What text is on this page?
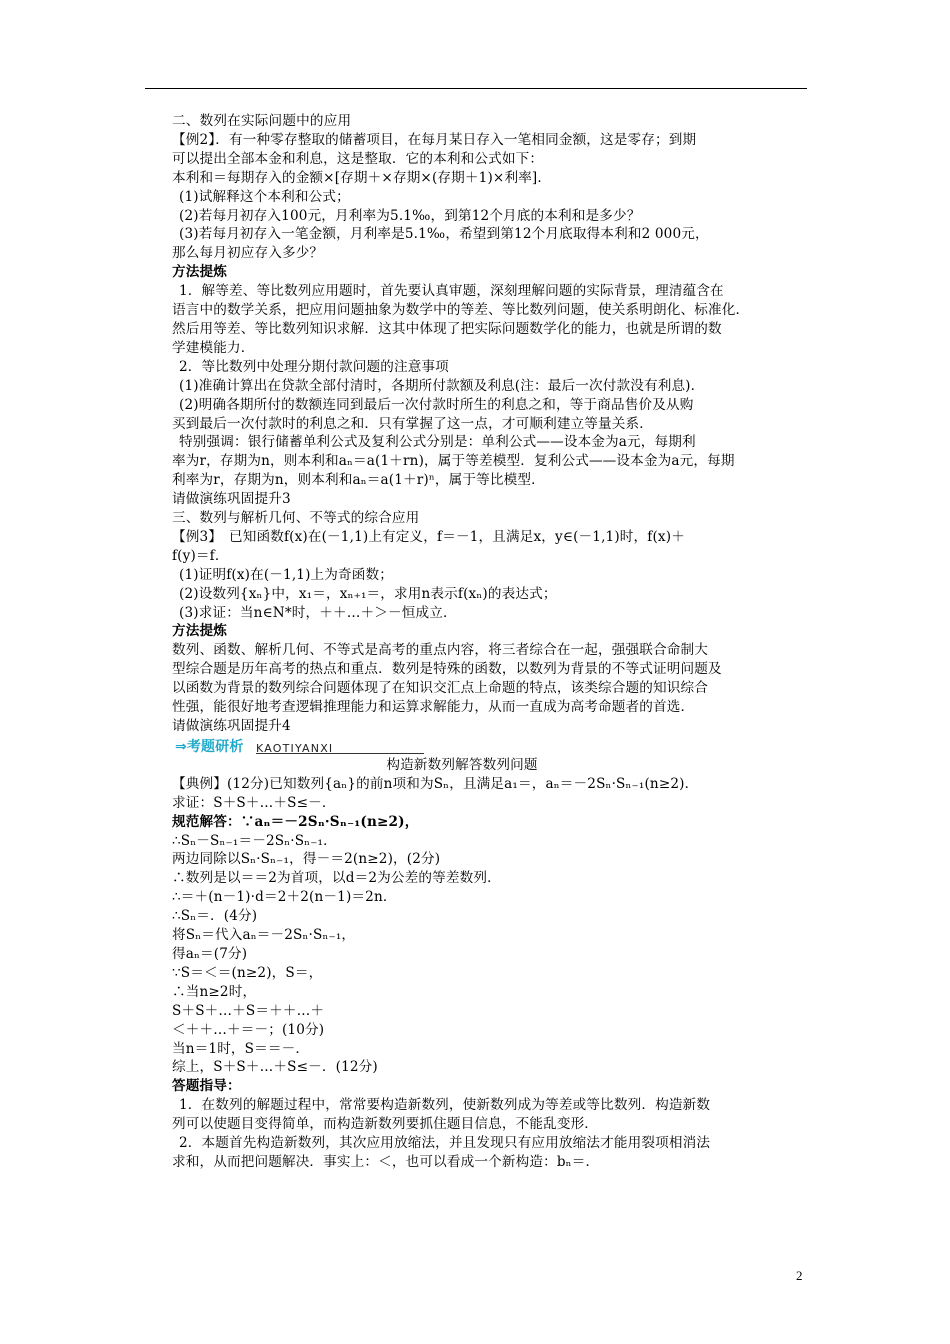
二、数列在实际问题中的应用

【例2】．有一种零存整取的储蓄项目，在每月某日存入一笔相同金额，这是零存；到期

可以提出全部本金和利息，这是整取．它的本利和公式如下：

本利和＝每期存入的金额×[存期＋×存期×(存期＋1)×利率]．

(1)试解释这个本利和公式；

(2)若每月初存入100元，月利率为5.1‰，到第12个月底的本利和是多少？

(3)若每月初存入一笔金额，月利率是5.1‰，希望到第12个月底取得本利和2 000元，

那么每月初应存入多少？

方法提炼

1．解等差、等比数列应用题时，首先要认真审题，深刻理解问题的实际背景，理清蕴含在

语言中的数学关系，把应用问题抽象为数学中的等差、等比数列问题，使关系明朗化、标准化．

然后用等差、等比数列知识求解．这其中体现了把实际问题数学化的能力，也就是所谓的数

学建模能力．

2．等比数列中处理分期付款问题的注意事项

(1)准确计算出在贷款全部付清时，各期所付款额及利息(注：最后一次付款没有利息)．

(2)明确各期所付的数额连同到最后一次付款时所生的利息之和，等于商品售价及从购

买到最后一次付款时的利息之和．只有掌握了这一点，才可顺利建立等量关系．

特别强调：银行储蓄单利公式及复利公式分别是：单利公式——设本金为a元，每期利

率为r，存期为n，则本利和aₙ＝a(1＋rn)，属于等差模型．复利公式——设本金为a元，每期

利率为r，存期为n，则本利和aₙ＝a(1＋r)ⁿ，属于等比模型．

请做演练巩固提升3

三、数列与解析几何、不等式的综合应用

【例3】　已知函数f(x)在(－1,1)上有定义，f＝－1，且满足x，y∈(－1,1)时，f(x)＋

f(y)＝f．

(1)证明f(x)在(－1,1)上为奇函数；

(2)设数列{xₙ}中，x₁＝，xₙ₊₁＝，求用n表示f(xₙ)的表达式；

(3)求证：当n∈N*时，＋＋…＋＞－恒成立．

方法提炼

数列、函数、解析几何、不等式是高考的重点内容，将三者综合在一起，强强联合命制大

型综合题是历年高考的热点和重点．数列是特殊的函数，以数列为背景的不等式证明问题及

以函数为背景的数列综合问题体现了在知识交汇点上命题的特点，该类综合题的知识综合

性强，能很好地考查逻辑推理能力和运算求解能力，从而一直成为高考命题者的首选．

请做演练巩固提升4

⇒考题研析 KAOTIYANXI

构造新数列解答数列问题

【典例】(12分)已知数列{aₙ}的前n项和为Sₙ，且满足a₁＝，aₙ＝－2Sₙ·Sₙ₋₁(n≥2)．

求证：S＋S＋…＋S≤－．

规范解答：∵aₙ＝－2Sₙ·Sₙ₋₁(n≥2)，

∴Sₙ－Sₙ₋₁＝－2Sₙ·Sₙ₋₁．

两边同除以Sₙ·Sₙ₋₁，得－＝2(n≥2)，(2分)

∴数列是以＝＝2为首项，以d＝2为公差的等差数列．

∴＝＋(n－1)·d＝2＋2(n－1)＝2n．

∴Sₙ＝．(4分)

将Sₙ＝代入aₙ＝－2Sₙ·Sₙ₋₁，

得aₙ＝(7分)

∵S＝＜＝(n≥2)，S＝，

∴当n≥2时，

S＋S＋…＋S＝＋＋…＋

＜＋＋…＋＝－；(10分)

当n＝1时，S＝＝－．

综上，S＋S＋…＋S≤－．(12分)

答题指导：

1．在数列的解题过程中，常常要构造新数列，使新数列成为等差或等比数列．构造新数

列可以使题目变得简单，而构造新数列要抓住题目信息，不能乱变形．

2．本题首先构造新数列，其次应用放缩法，并且发现只有应用放缩法才能用裂项相消法

求和，从而把问题解决．事实上：＜，也可以看成一个新构造：bₙ＝．

2
